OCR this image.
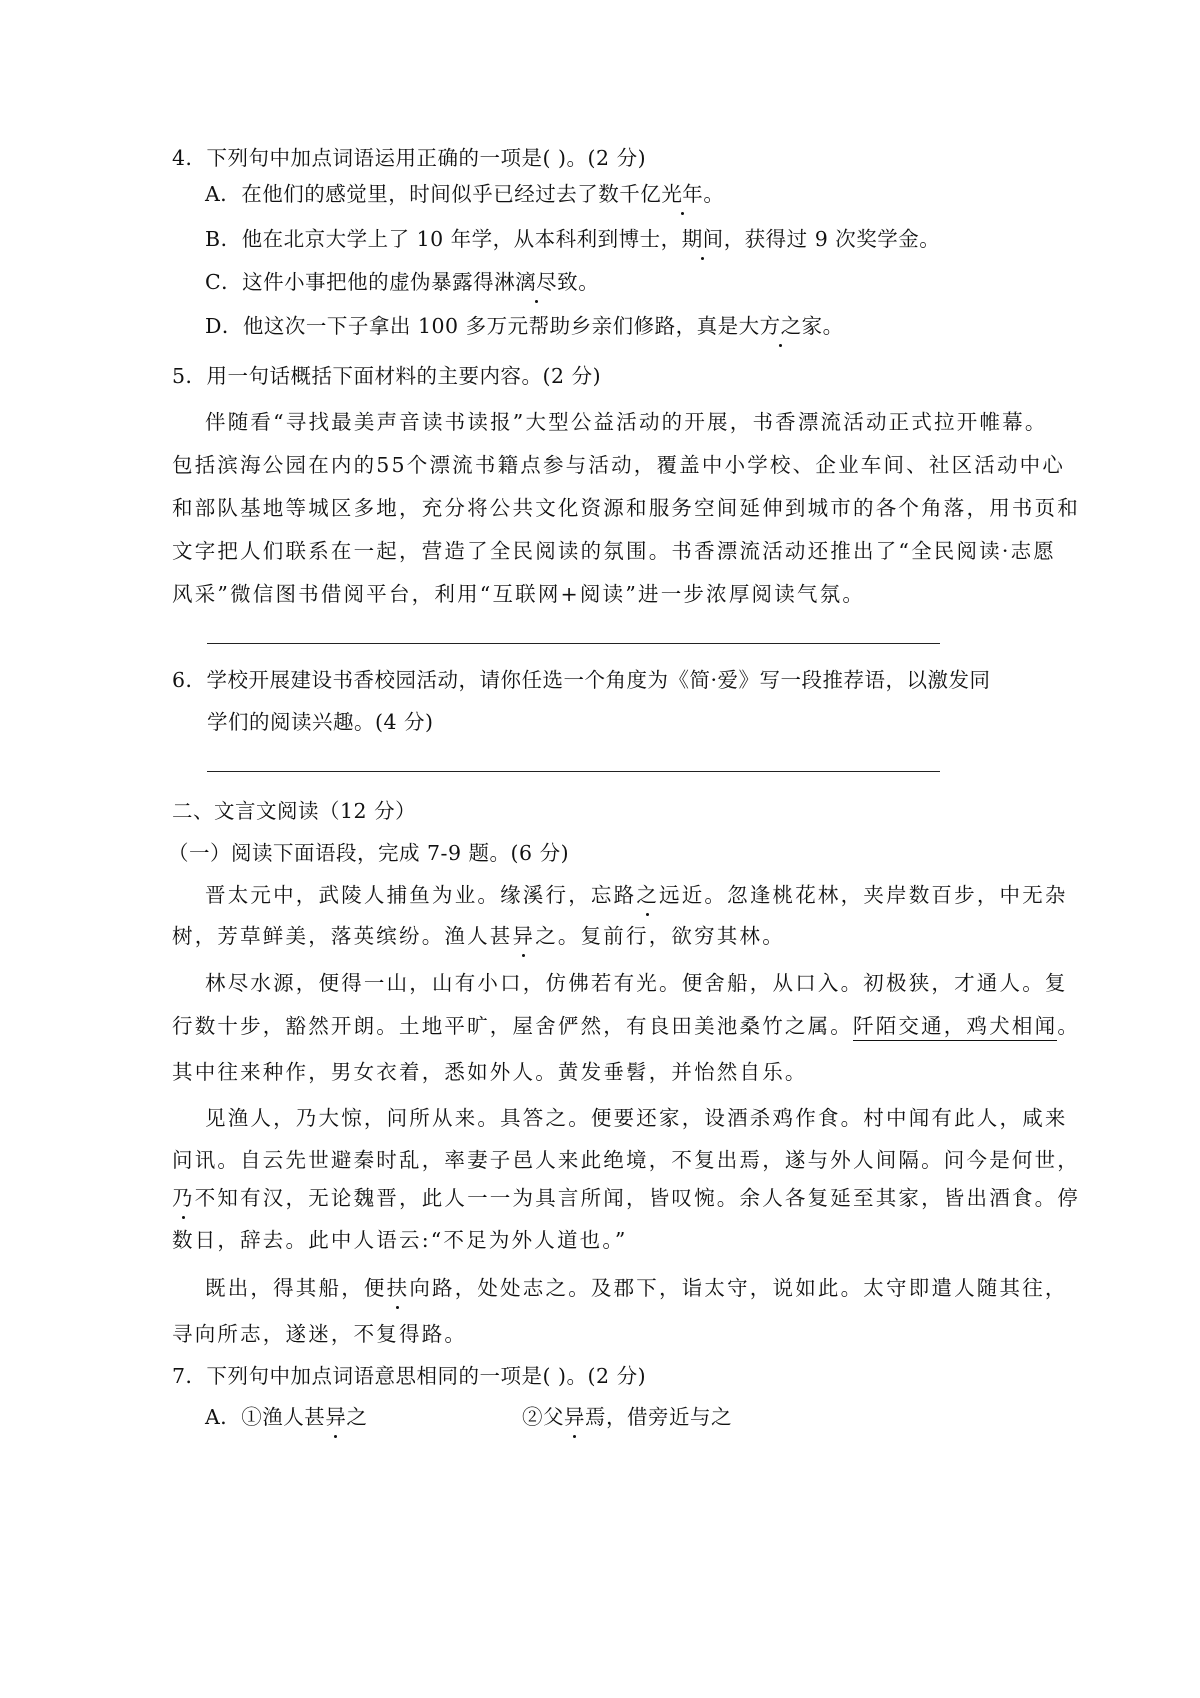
4．下列句中加点词语运用正确的一项是( )。(2 分)
A．在他们的感觉里，时间似乎已经过去了数千亿光年。
B．他在北京大学上了 10 年学，从本科利到博士，期间，获得过 9 次奖学金。
C．这件小事把他的虚伪暴露得淋漓尽致。
D．他这次一下子拿出 100 多万元帮助乡亲们修路，真是大方之家。
5．用一句话概括下面材料的主要内容。(2 分)
伴随看“寻找最美声音读书读报”大型公益活动的开展，书香漂流活动正式拉开帷幕。
包括滨海公园在内的55个漂流书籍点参与活动，覆盖中小学校、企业车间、社区活动中心
和部队基地等城区多地，充分将公共文化资源和服务空间延伸到城市的各个角落，用书页和
文字把人们联系在一起，营造了全民阅读的氛围。书香漂流活动还推出了“全民阅读·志愿
风采”微信图书借阅平台，利用“互联网+阅读”进一步浓厚阅读气氛。
6．学校开展建设书香校园活动，请你任选一个角度为《简·爱》写一段推荐语，以激发同
学们的阅读兴趣。(4 分)
二、文言文阅读（12 分）
（一）阅读下面语段，完成 7-9 题。(6 分)
晋太元中，武陵人捕鱼为业。缘溪行，忘路之远近。忽逢桃花林，夹岸数百步，中无杂
树，芳草鲜美，落英缤纷。渔人甚异之。复前行，欲穷其林。
林尽水源，便得一山，山有小口，仿佛若有光。便舍船，从口入。初极狭，才通人。复
行数十步，豁然开朗。土地平旷，屋舍俨然，有良田美池桑竹之属。阡陌交通，鸡犬相闻。
其中往来种作，男女衣着，悉如外人。黄发垂髫，并怡然自乐。
见渔人，乃大惊，问所从来。具答之。便要还家，设酒杀鸡作食。村中闻有此人，咸来
问讯。自云先世避秦时乱，率妻子邑人来此绝境，不复出焉，遂与外人间隔。问今是何世，
乃不知有汉，无论魏晋，此人一一为具言所闻，皆叹惋。余人各复延至其家，皆出酒食。停
数日，辞去。此中人语云:“不足为外人道也。”
既出，得其船，便扶向路，处处志之。及郡下，诣太守，说如此。太守即遣人随其往，
寻向所志，遂迷，不复得路。
7．下列句中加点词语意思相同的一项是( )。(2 分)
A．①渔人甚异之	②父异焉，借旁近与之
